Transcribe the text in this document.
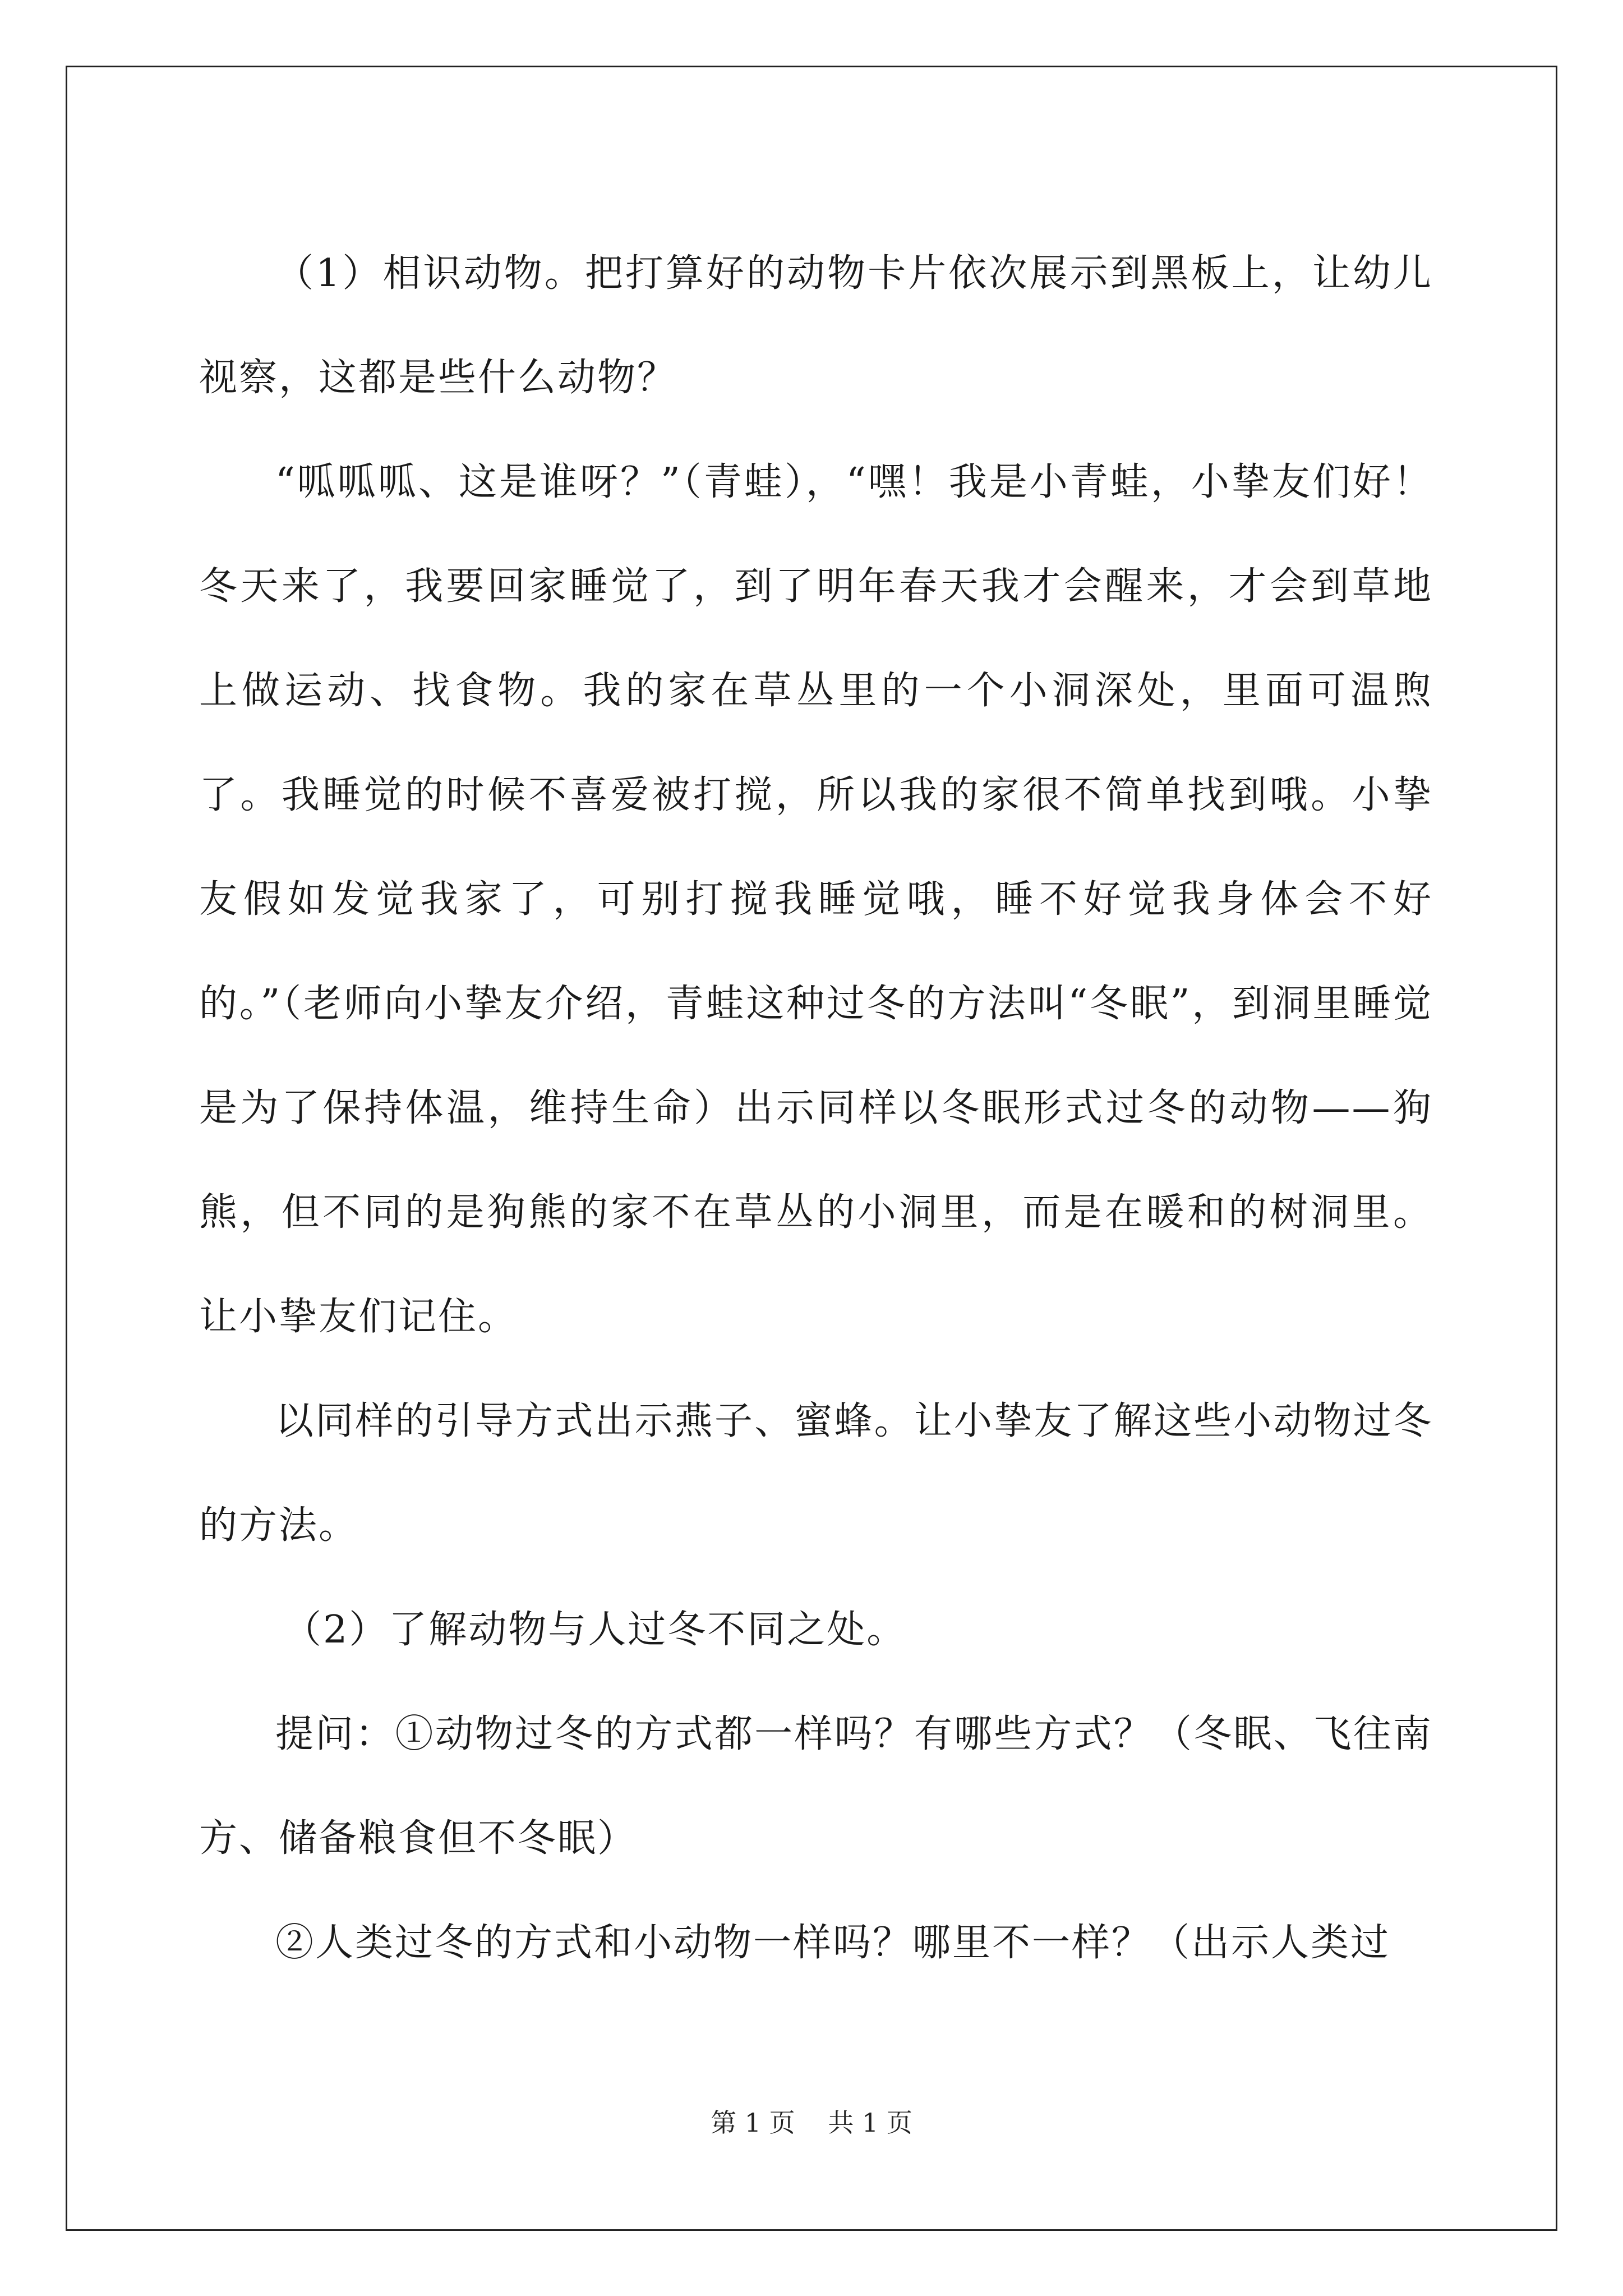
（1）相识动物。把打算好的动物卡片依次展示到黑板上，让幼儿视察，这都是些什么动物？

“呱呱呱、这是谁呀？”（青蛙），“嘿！我是小青蛙，小挚友们好！冬天来了，我要回家睡觉了，到了明年春天我才会醒来，才会到草地上做运动、找食物。我的家在草丛里的一个小洞深处，里面可温煦了。我睡觉的时候不喜爱被打搅，所以我的家很不简单找到哦。小挚友假如发觉我家了，可别打搅我睡觉哦，睡不好觉我身体会不好的。”（老师向小挚友介绍，青蛙这种过冬的方法叫“冬眠”，到洞里睡觉是为了保持体温，维持生命）出示同样以冬眠形式过冬的动物——狗熊，但不同的是狗熊的家不在草丛的小洞里，而是在暖和的树洞里。让小挚友们记住。

以同样的引导方式出示燕子、蜜蜂。让小挚友了解这些小动物过冬的方法。

（2）了解动物与人过冬不同之处。

提问：①动物过冬的方式都一样吗？有哪些方式？（冬眠、飞往南方、储备粮食但不冬眠）

②人类过冬的方式和小动物一样吗？哪里不一样？（出示人类过

第 1 页 共 1 页
